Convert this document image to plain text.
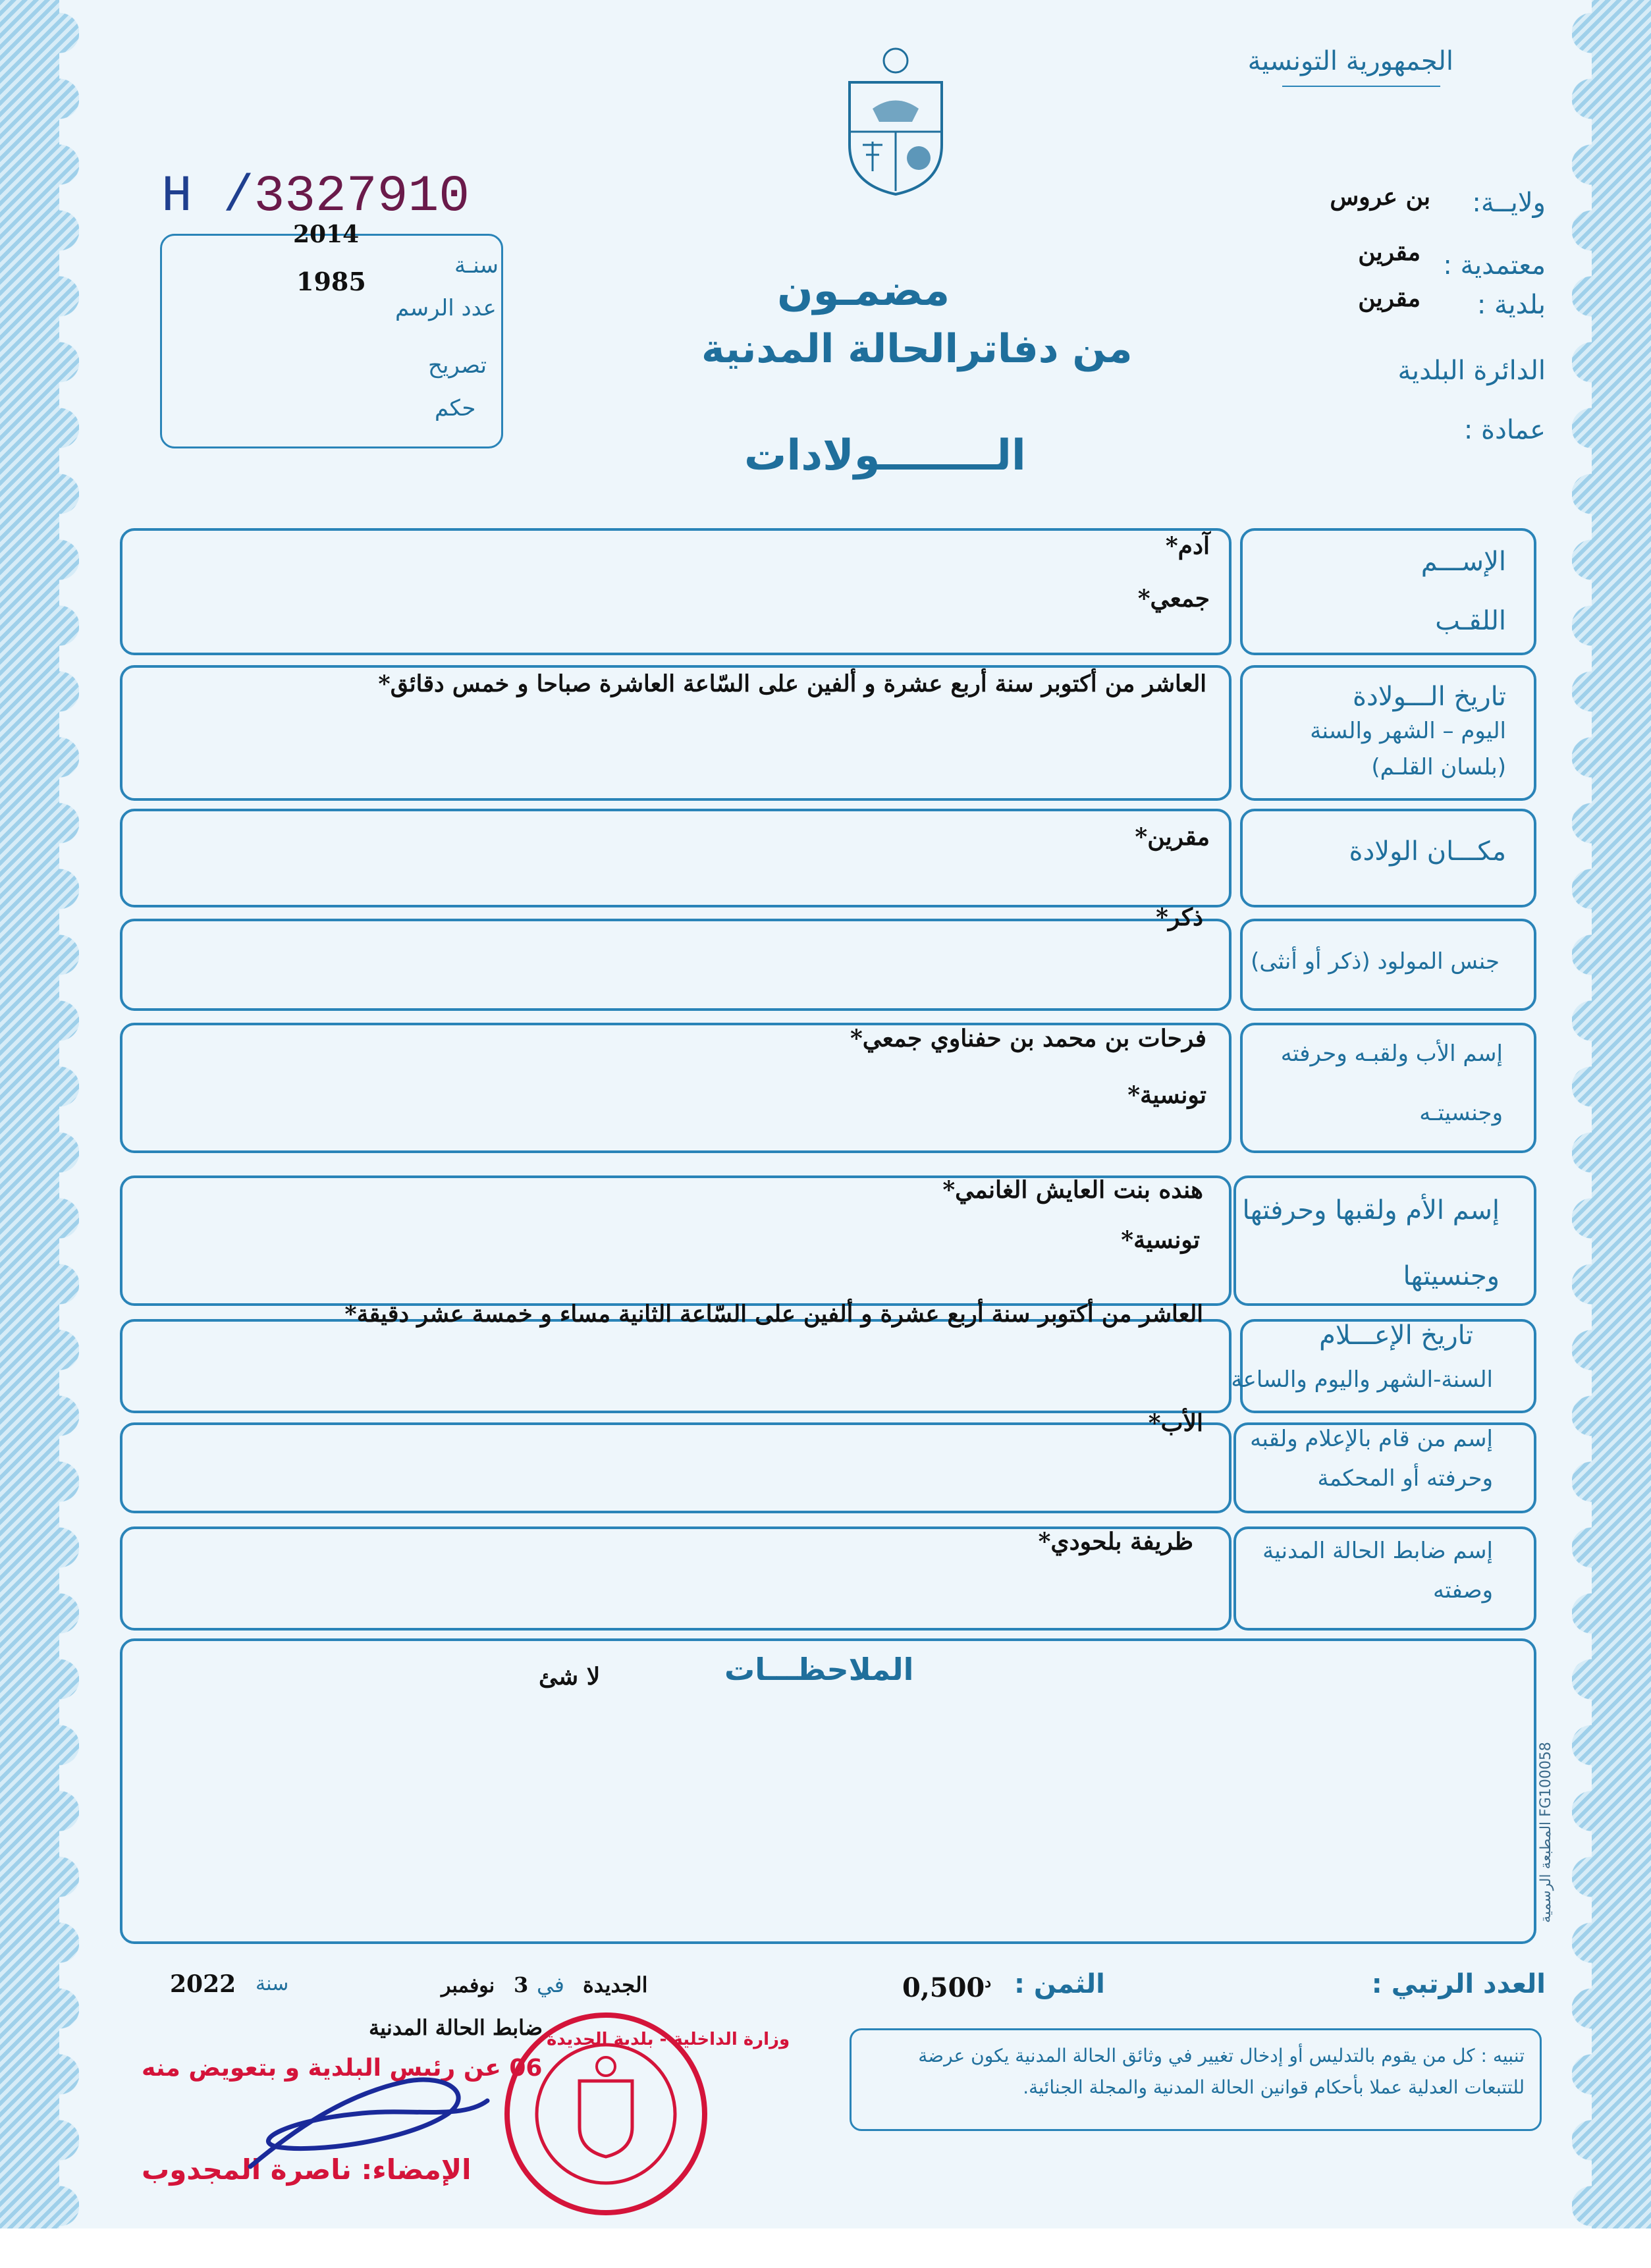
الجمهورية التونسية
ولايــة:
بن عروس
معتمدية :
مقرين
بلدية :
مقرين
الدائرة البلدية
عمادة :
H /3327910
2014
1985
سنـة
عدد الرسم
تصريح
حكم
مضمـون
من دفاترالحالة المدنية
الــــــــولادات
الإســـم
اللقـب
آدم*
جمعي*
تاريخ الـــولادة
اليوم – الشهر والسنة
(بلسان القلـم)
العاشر من أكتوبر سنة أربع عشرة و ألفين على السّاعة العاشرة صباحا و خمس دقائق*
مكـــان الولادة
مقرين*
جنس المولود (ذكر أو أنثى)
ذكر*
إسم الأب ولقبـه وحرفته
وجنسيتـه
فرحات بن محمد بن حفناوي جمعي*
تونسية*
إسم الأم ولقبها وحرفتها
وجنسيتها
هنده بنت العايش الغانمي*
تونسية*
تاريخ الإعـــلام
السنة-الشهر واليوم والساعة
العاشر من أكتوبر سنة أربع عشرة و ألفين على السّاعة الثانية مساء و خمسة عشر دقيقة*
إسم من قام بالإعلام ولقبه
وحرفته أو المحكمة
الأب*
إسم ضابط الحالة المدنية
وصفته
ظريفة بلحودي*
الملاحظـــات
لا شئ
المطبعة الرسمية FG100058
العدد الرتبي :
الثمن :
$0,500^د$
الجديدة
في
3
نوفمبر
سنة
2022
ضابط الحالة المدنية
تنبيه : كل من يقوم بالتدليس أو إدخال تغيير في وثائق الحالة المدنية يكون عرضة للتتبعات العدلية عملا بأحكام قوانين الحالة المدنية والمجلة الجنائية.
وزارة الداخلية - بلدية الجديدة
06 عن رئيس البلدية و بتعويض منه
الإمضاء: ناصرة المجدوب
